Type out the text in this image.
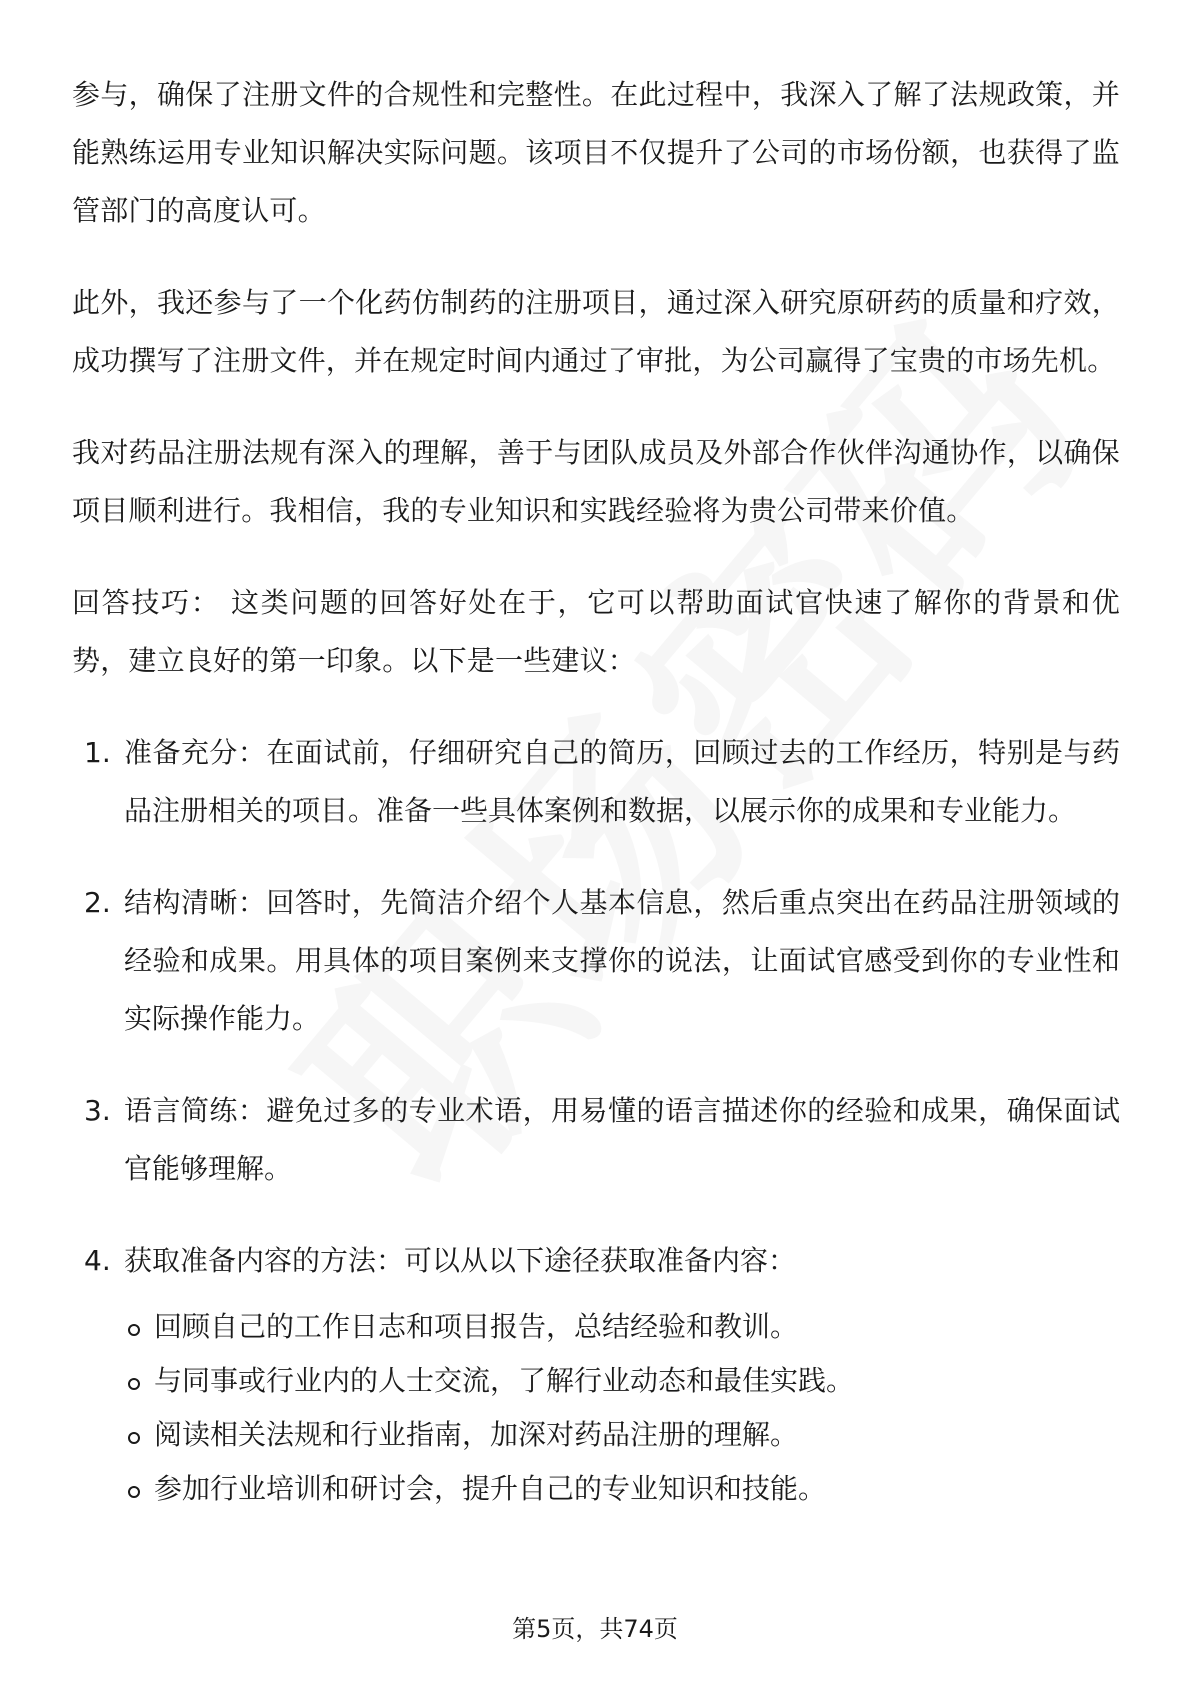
参与，确保了注册文件的合规性和完整性。在此过程中，我深入了解了法规政策，并能熟练运用专业知识解决实际问题。该项目不仅提升了公司的市场份额，也获得了监管部门的高度认可。

此外，我还参与了一个化药仿制药的注册项目，通过深入研究原研药的质量和疗效，成功撰写了注册文件，并在规定时间内通过了审批，为公司赢得了宝贵的市场先机。

我对药品注册法规有深入的理解，善于与团队成员及外部合作伙伴沟通协作，以确保项目顺利进行。我相信，我的专业知识和实践经验将为贵公司带来价值。

回答技巧： 这类问题的回答好处在于，它可以帮助面试官快速了解你的背景和优势，建立良好的第一印象。以下是一些建议：

1. 准备充分：在面试前，仔细研究自己的简历，回顾过去的工作经历，特别是与药品注册相关的项目。准备一些具体案例和数据，以展示你的成果和专业能力。
2. 结构清晰：回答时，先简洁介绍个人基本信息，然后重点突出在药品注册领域的经验和成果。用具体的项目案例来支撑你的说法，让面试官感受到你的专业性和实际操作能力。
3. 语言简练：避免过多的专业术语，用易懂的语言描述你的经验和成果，确保面试官能够理解。
4. 获取准备内容的方法：可以从以下途径获取准备内容：
回顾自己的工作日志和项目报告，总结经验和教训。
与同事或行业内的人士交流，了解行业动态和最佳实践。
阅读相关法规和行业指南，加深对药品注册的理解。
参加行业培训和研讨会，提升自己的专业知识和技能。
第5页，共74页
